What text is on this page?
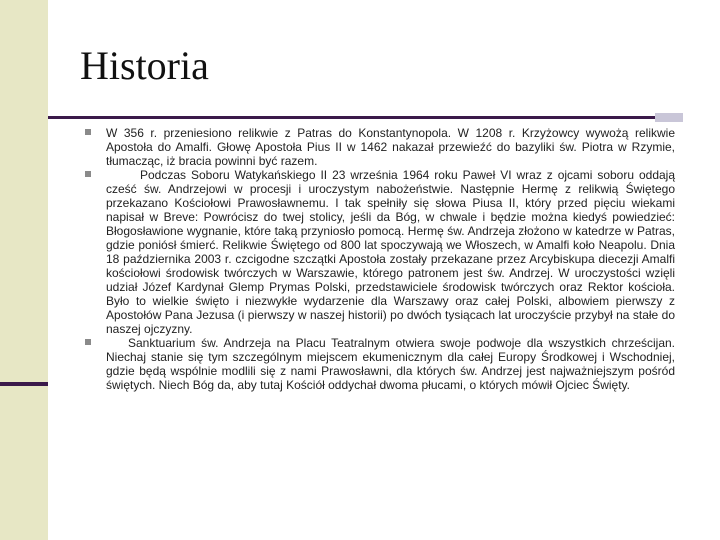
Historia
W 356 r. przeniesiono relikwie z Patras do Konstantynopola. W 1208 r. Krzyżowcy wywożą relikwie Apostoła do Amalfi. Głowę Apostoła Pius II w 1462 nakazał przewieźć do bazyliki św. Piotra w Rzymie, tłumacząc, iż bracia powinni być razem.
Podczas Soboru Watykańskiego II 23 września 1964 roku Paweł VI wraz z ojcami soboru oddają cześć św. Andrzejowi w procesji i uroczystym nabożeństwie. Następnie Hermę z relikwią Świętego przekazano Kościołowi Prawosławnemu. I tak spełniły się słowa Piusa II, który przed pięciu wiekami napisał w Breve: Powrócisz do twej stolicy, jeśli da Bóg, w chwale i będzie można kiedyś powiedzieć: Błogosławione wygnanie, które taką przyniosło pomocą. Hermę św. Andrzeja złożono w katedrze w Patras, gdzie poniósł śmierć. Relikwie Świętego od 800 lat spoczywają we Włoszech, w Amalfi koło Neapolu. Dnia 18 października 2003 r. czcigodne szczątki Apostoła zostały przekazane przez Arcybiskupa diecezji Amalfi kościołowi środowisk twórczych w Warszawie, którego patronem jest św. Andrzej. W uroczystości wzięli udział Józef Kardynał Glemp Prymas Polski, przedstawiciele środowisk twórczych oraz Rektor kościoła. Było to wielkie święto i niezwykłe wydarzenie dla Warszawy oraz całej Polski, albowiem pierwszy z Apostołów Pana Jezusa (i pierwszy w naszej historii) po dwóch tysiącach lat uroczyście przybył na stałe do naszej ojczyzny.
Sanktuarium św. Andrzeja na Placu Teatralnym otwiera swoje podwoje dla wszystkich chrześcijan. Niechaj stanie się tym szczególnym miejscem ekumenicznym dla całej Europy Środkowej i Wschodniej, gdzie będą wspólnie modlili się z nami Prawosławni, dla których św. Andrzej jest najważniejszym pośród świętych. Niech Bóg da, aby tutaj Kościół oddychał dwoma płucami, o których mówił Ojciec Święty.
